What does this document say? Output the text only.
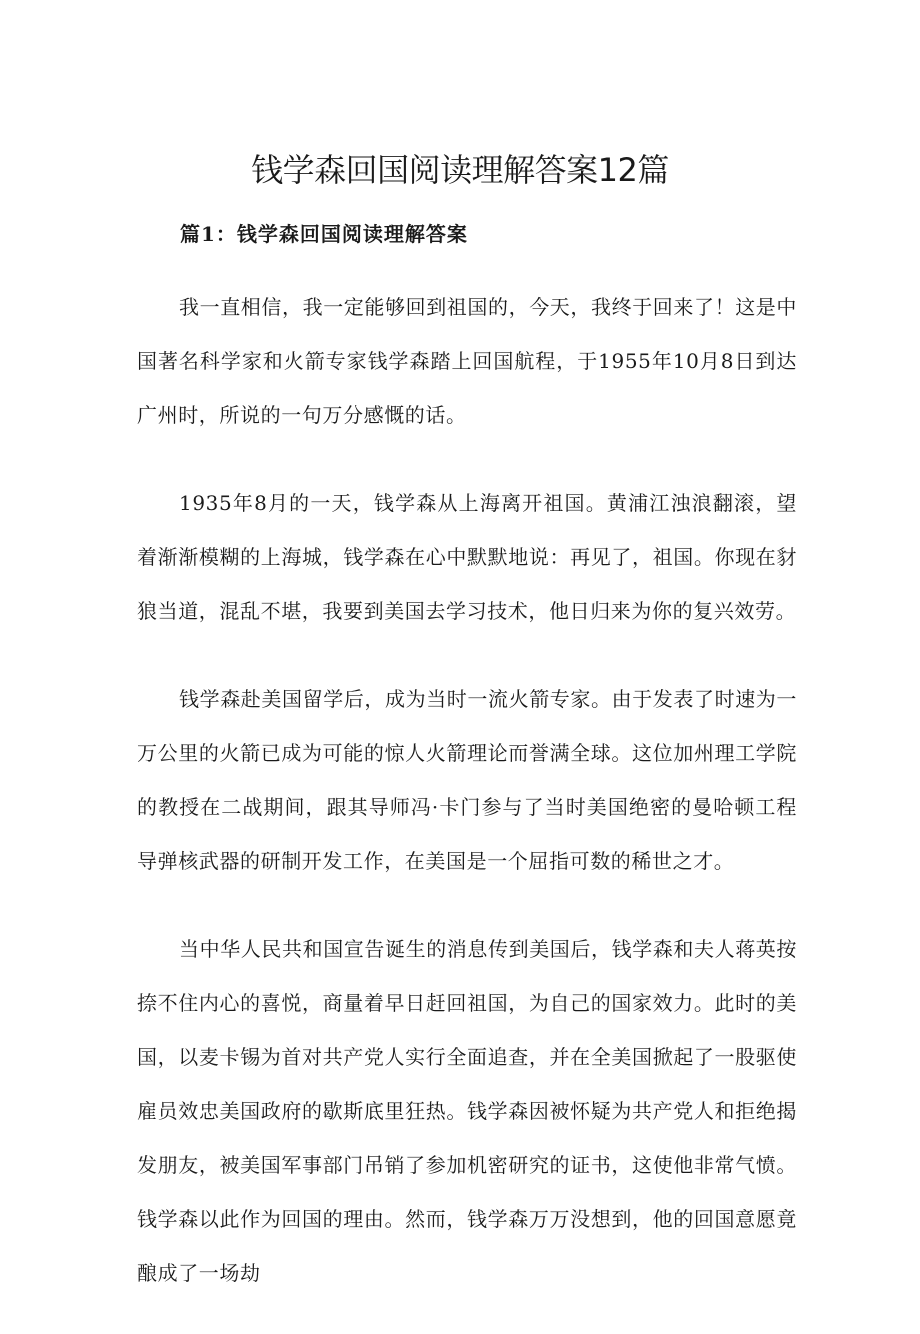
钱学森回国阅读理解答案12篇
篇1：钱学森回国阅读理解答案

我一直相信，我一定能够回到祖国的，今天，我终于回来了！这是中国著名科学家和火箭专家钱学森踏上回国航程，于1955年10月8日到达广州时，所说的一句万分感慨的话。

1935年8月的一天，钱学森从上海离开祖国。黄浦江浊浪翻滚，望着渐渐模糊的上海城，钱学森在心中默默地说：再见了，祖国。你现在豺狼当道，混乱不堪，我要到美国去学习技术，他日归来为你的复兴效劳。

钱学森赴美国留学后，成为当时一流火箭专家。由于发表了时速为一万公里的火箭已成为可能的惊人火箭理论而誉满全球。这位加州理工学院的教授在二战期间，跟其导师冯·卡门参与了当时美国绝密的曼哈顿工程导弹核武器的研制开发工作，在美国是一个屈指可数的稀世之才。

当中华人民共和国宣告诞生的消息传到美国后，钱学森和夫人蒋英按捺不住内心的喜悦，商量着早日赶回祖国，为自己的国家效力。此时的美国，以麦卡锡为首对共产党人实行全面追查，并在全美国掀起了一股驱使雇员效忠美国政府的歇斯底里狂热。钱学森因被怀疑为共产党人和拒绝揭发朋友，被美国军事部门吊销了参加机密研究的证书，这使他非常气愤。钱学森以此作为回国的理由。然而，钱学森万万没想到，他的回国意愿竟酿成了一场劫
